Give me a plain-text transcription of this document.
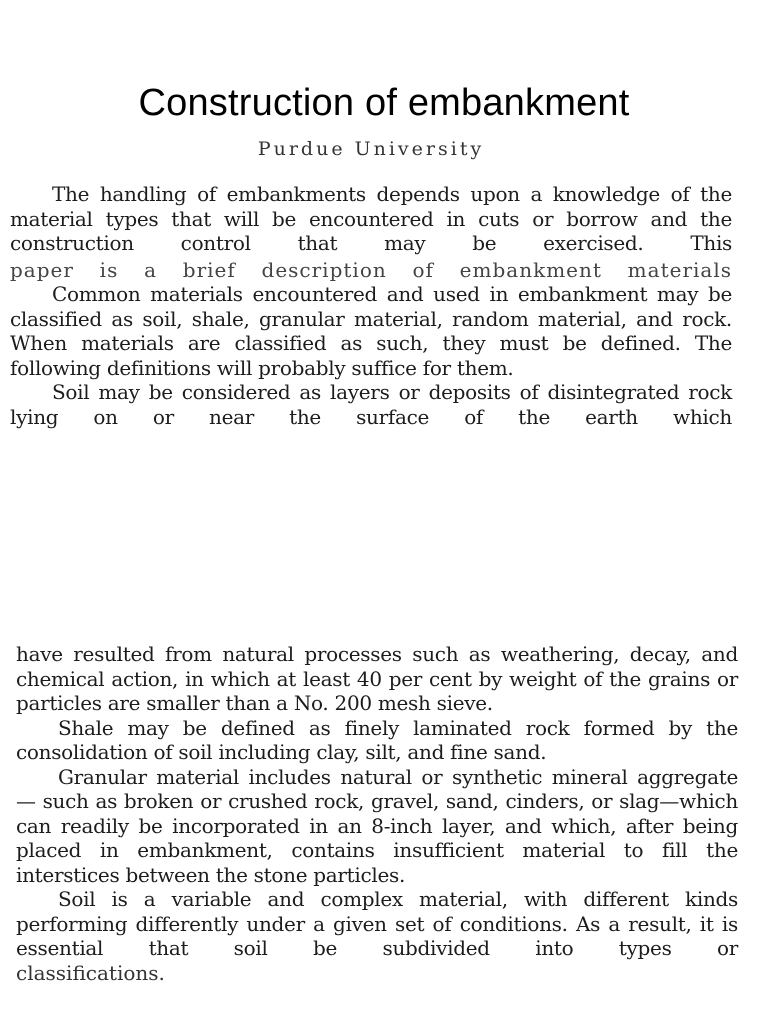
Construction of embankment
Purdue University

The handling of embankments depends upon a knowledge of the material types that will be encountered in cuts or borrow and the construction control that may be exercised. This

paper is a brief description of embankment materials

Common materials encountered and used in embankment may be classified as soil, shale, granular material, random material, and rock. When materials are classified as such, they must be defined. The following definitions will probably suffice for them.

Soil may be considered as layers or deposits of disintegrated rock lying on or near the surface of the earth which

have resulted from natural processes such as weathering, decay, and chemical action, in which at least 40 per cent by weight of the grains or particles are smaller than a No. 200 mesh sieve.

Shale may be defined as finely laminated rock formed by the consolidation of soil including clay, silt, and fine sand.

Granular material includes natural or synthetic mineral aggregate — such as broken or crushed rock, gravel, sand, cinders, or slag—which can readily be incorporated in an 8-inch layer, and which, after being placed in embankment, contains insufficient material to fill the interstices between the stone particles.

Soil is a variable and complex material, with different kinds performing differently under a given set of conditions. As a result, it is essential that soil be subdivided into types or

classifications.
